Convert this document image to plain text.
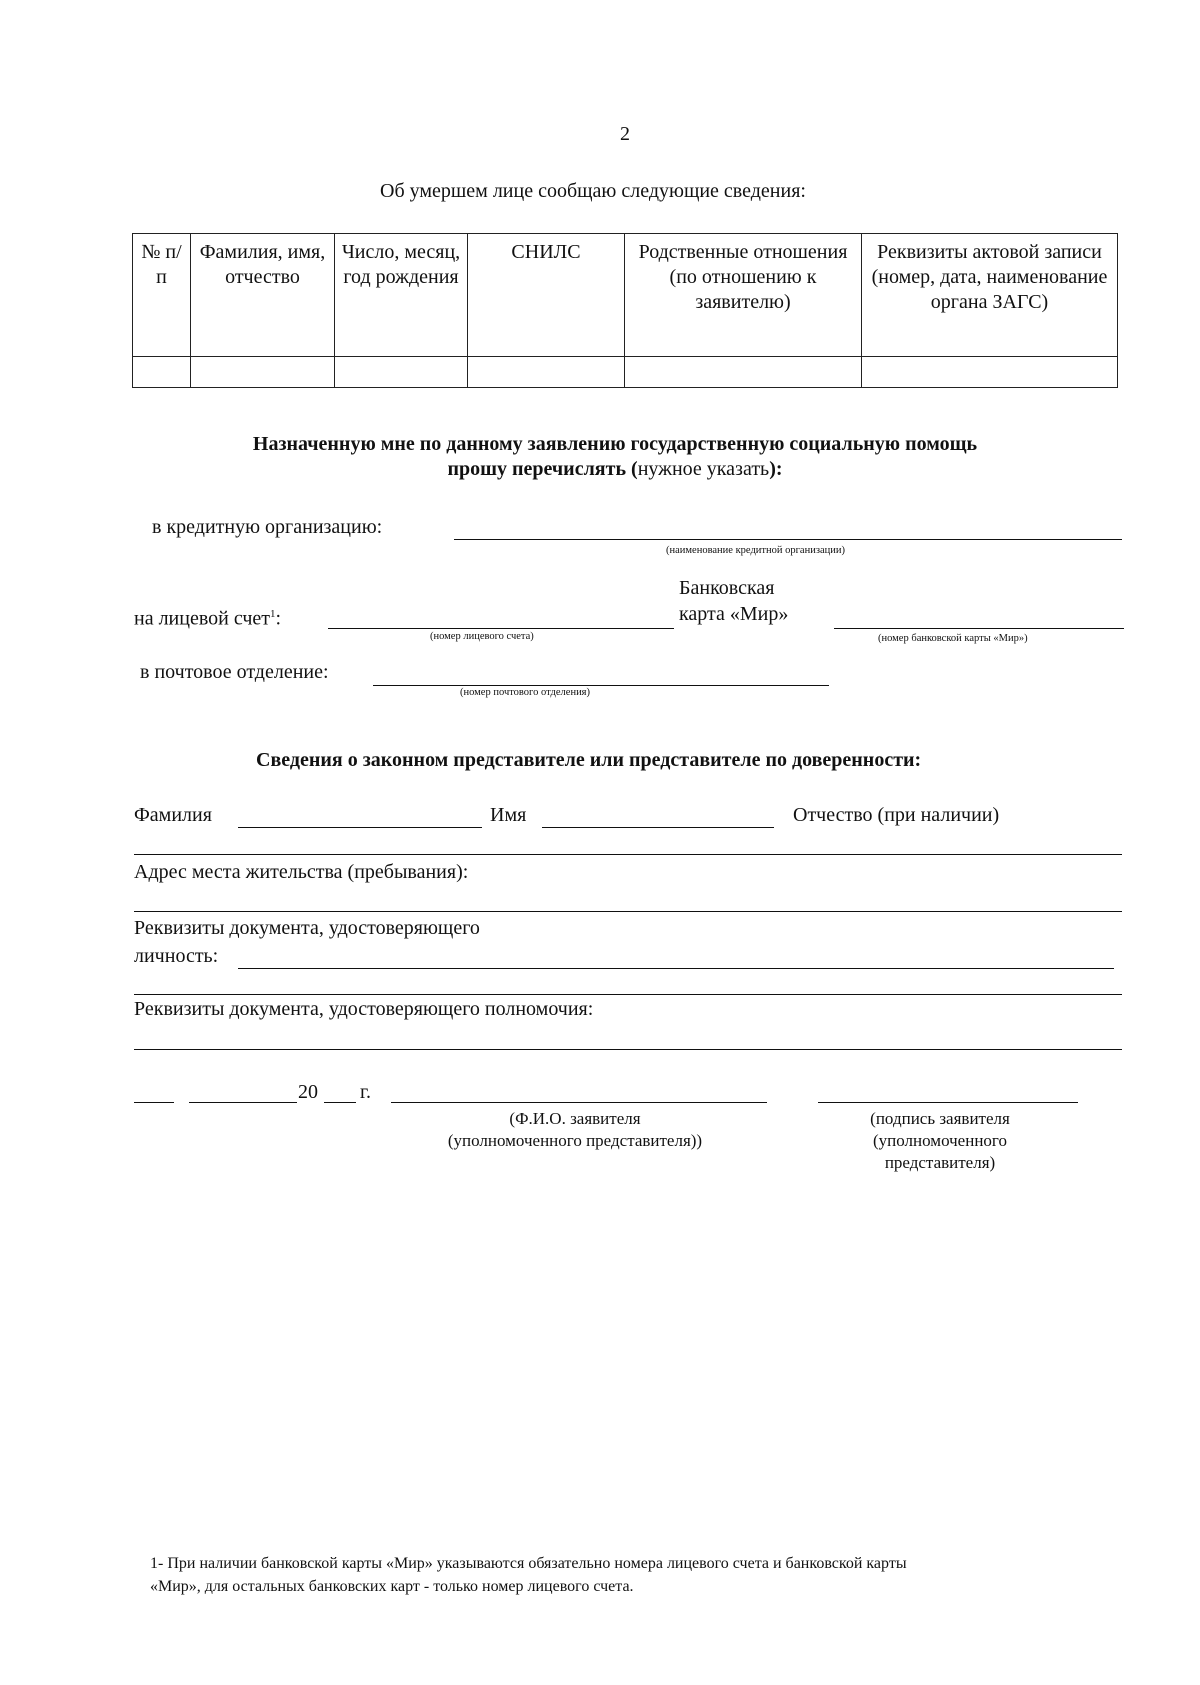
2
Об умершем лице сообщаю следующие сведения:
№ п/п	Фамилия, имя, отчество	Число, месяц, год рождения	СНИЛС	Родственные отношения (по отношению к заявителю)	Реквизиты актовой записи (номер, дата, наименование органа ЗАГС)

Назначенную мне по данному заявлению государственную социальную помощь
прошу перечислять (нужное указать):
в кредитную организацию:
(наименование кредитной организации)
на лицевой счет$^1$:
(номер лицевого счета)
Банковская
карта «Мир»
(номер банковской карты «Мир»)
в почтовое отделение:
(номер почтового отделения)
Сведения о законном представителе или представителе по доверенности:
Фамилия	Имя	Отчество (при наличии)
Адрес места жительства (пребывания):
Реквизиты документа, удостоверяющего
личность:
Реквизиты документа, удостоверяющего полномочия:
20 г.
(Ф.И.О. заявителя
(уполномоченного представителя))
(подпись заявителя
(уполномоченного
представителя)
1- При наличии банковской карты «Мир» указываются обязательно номера лицевого счета и банковской карты
«Мир», для остальных банковских карт - только номер лицевого счета.
